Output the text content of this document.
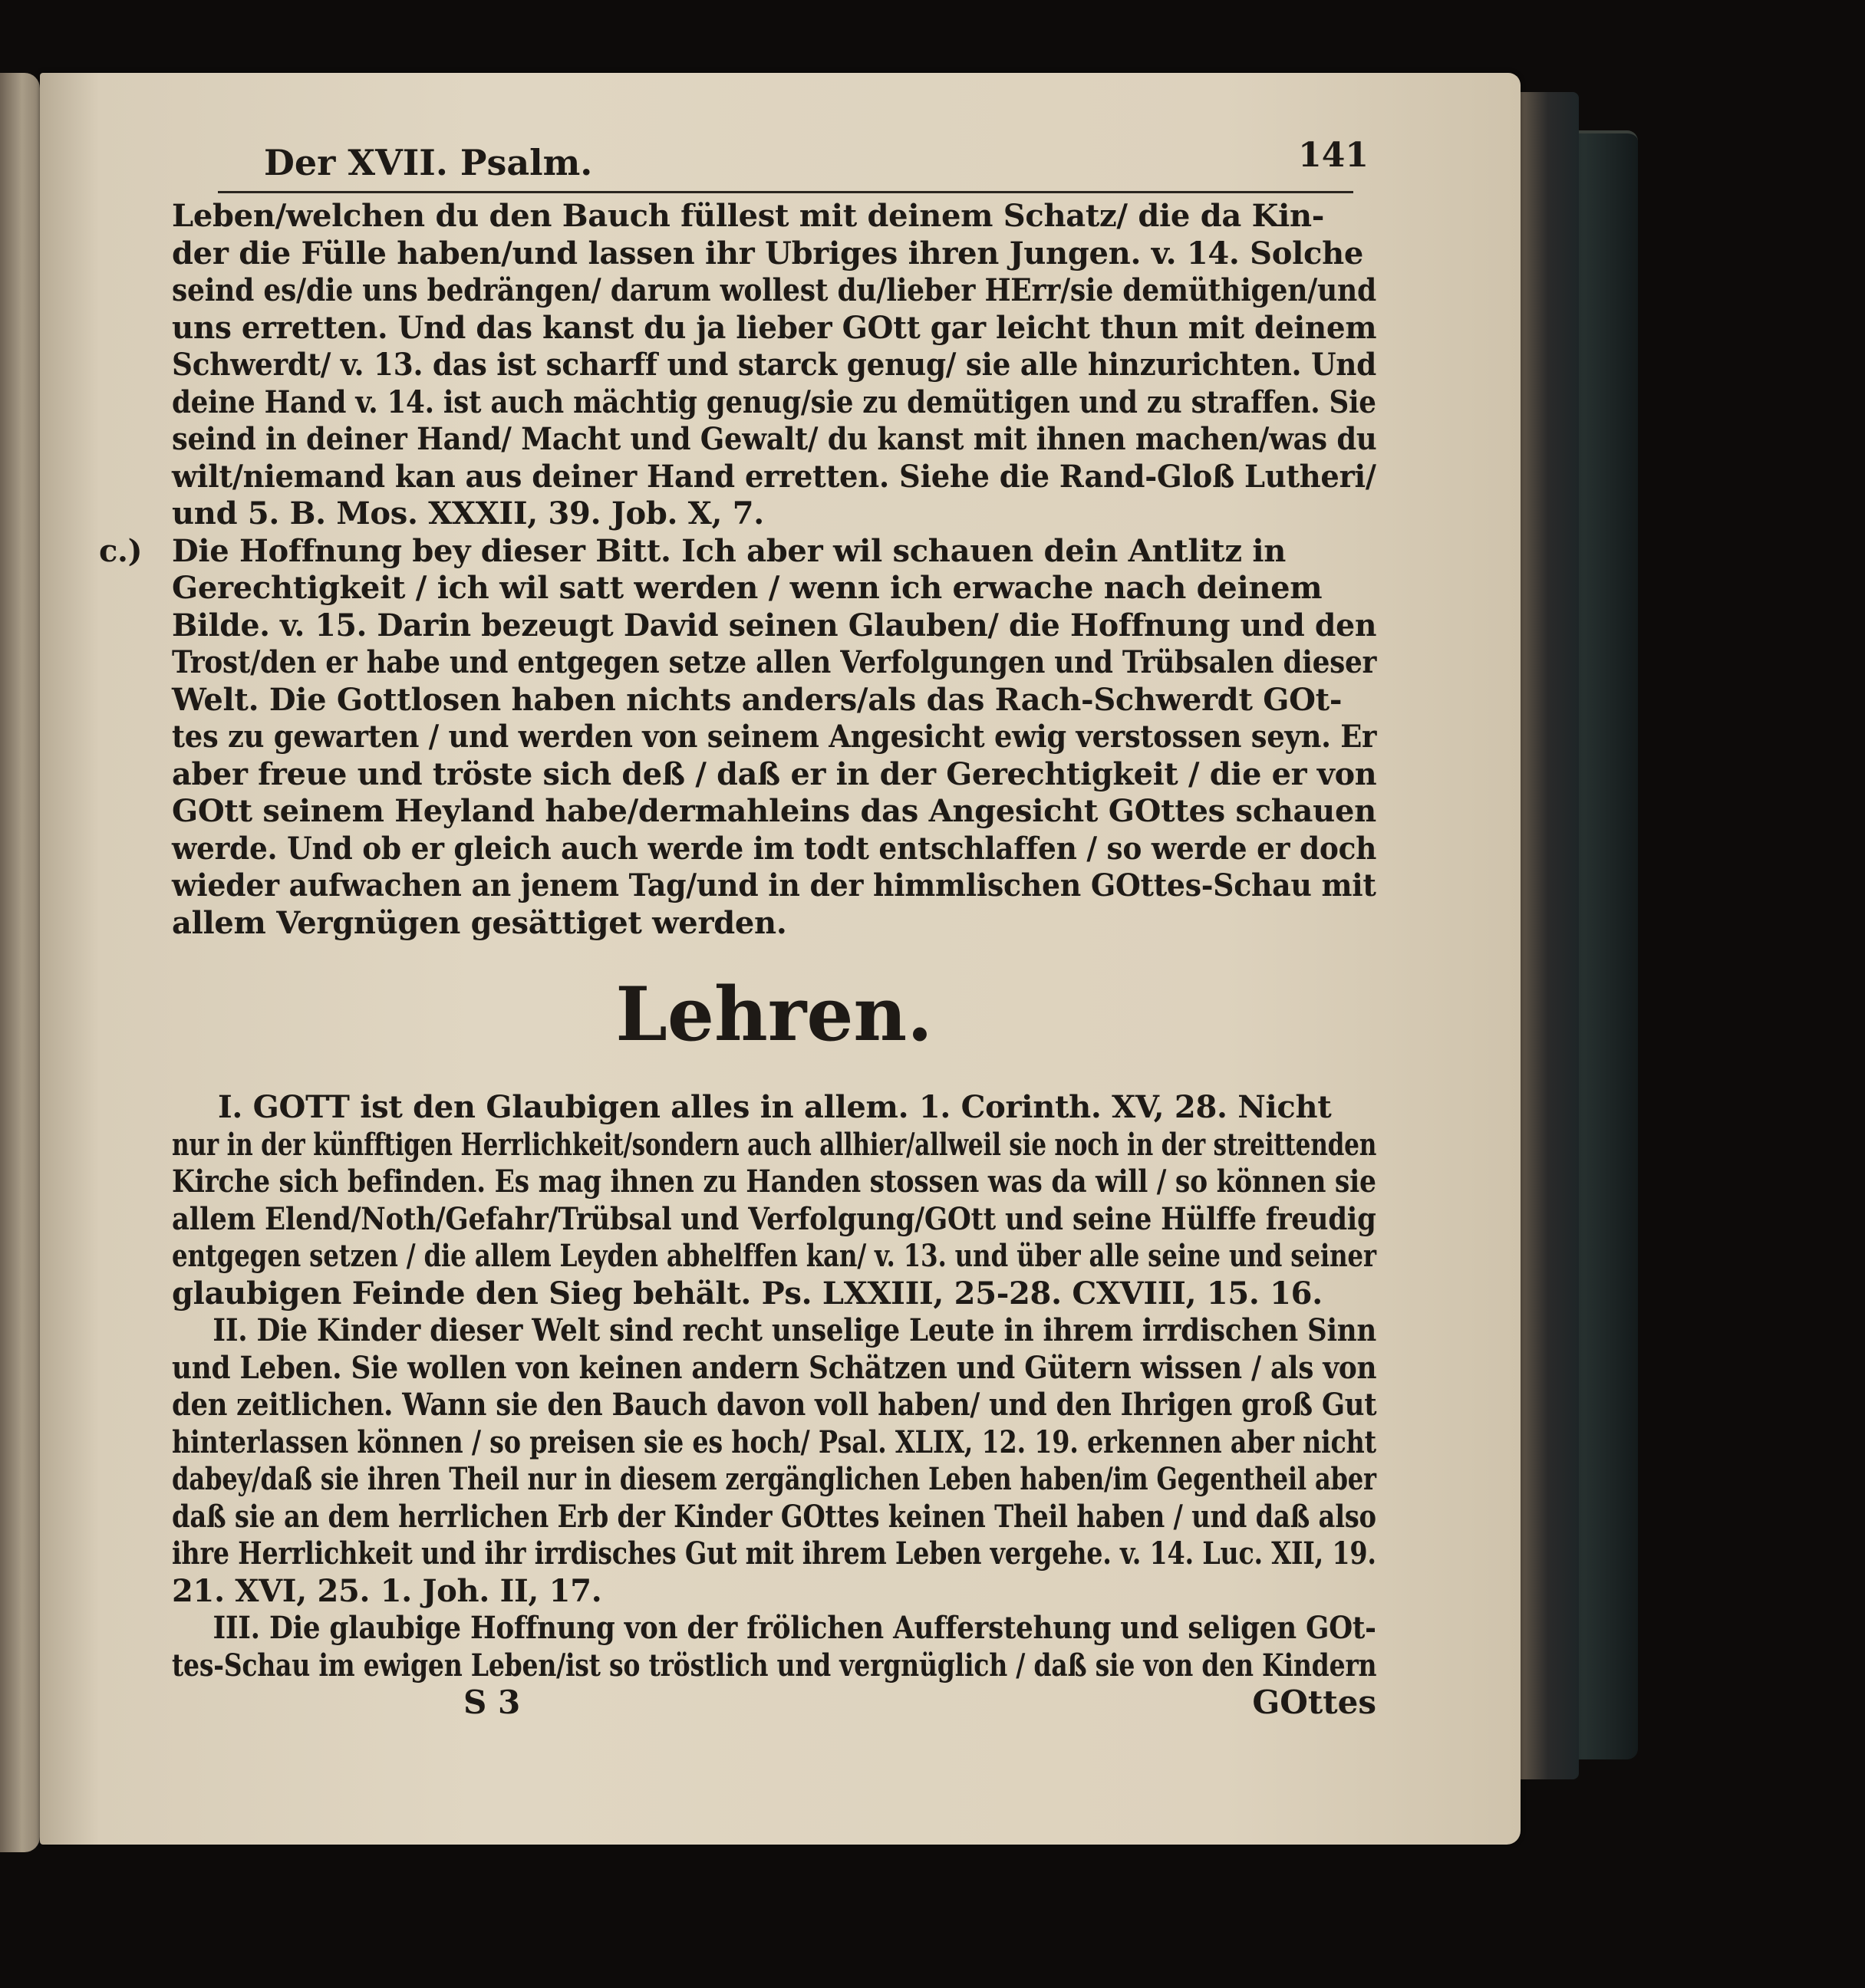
Der XVII. Psalm.	141
Leben/welchen du den Bauch füllest mit deinem Schatz/ die da Kin-
der die Fülle haben/und lassen ihr Ubriges ihren Jungen. v. 14. Solche
seind es/die uns bedrängen/ darum wollest du/lieber HErr/sie demüthigen/und
uns erretten. Und das kanst du ja lieber GOtt gar leicht thun mit deinem
Schwerdt/ v. 13. das ist scharff und starck genug/ sie alle hinzurichten. Und
deine Hand v. 14. ist auch mächtig genug/sie zu demütigen und zu straffen. Sie
seind in deiner Hand/ Macht und Gewalt/ du kanst mit ihnen machen/was du
wilt/niemand kan aus deiner Hand erretten. Siehe die Rand-Gloß Lutheri/
und 5. B. Mos. XXXII, 39. Job. X, 7.
c.) Die Hoffnung bey dieser Bitt. Ich aber wil schauen dein Antlitz in
Gerechtigkeit / ich wil satt werden / wenn ich erwache nach deinem
Bilde. v. 15. Darin bezeugt David seinen Glauben/ die Hoffnung und den
Trost/den er habe und entgegen setze allen Verfolgungen und Trübsalen dieser
Welt. Die Gottlosen haben nichts anders/als das Rach-Schwerdt GOt-
tes zu gewarten / und werden von seinem Angesicht ewig verstossen seyn. Er
aber freue und tröste sich deß / daß er in der Gerechtigkeit / die er von
GOtt seinem Heyland habe/dermahleins das Angesicht GOttes schauen
werde. Und ob er gleich auch werde im todt entschlaffen / so werde er doch
wieder aufwachen an jenem Tag/und in der himmlischen GOttes-Schau mit
allem Vergnügen gesättiget werden.
Lehren.
I. GOTT ist den Glaubigen alles in allem. 1. Corinth. XV, 28. Nicht
nur in der künfftigen Herrlichkeit/sondern auch allhier/allweil sie noch in der streittenden
Kirche sich befinden. Es mag ihnen zu Handen stossen was da will / so können sie
allem Elend/Noth/Gefahr/Trübsal und Verfolgung/GOtt und seine Hülffe freudig
entgegen setzen / die allem Leyden abhelffen kan/ v. 13. und über alle seine und seiner
glaubigen Feinde den Sieg behält. Ps. LXXIII, 25-28. CXVIII, 15. 16.
II. Die Kinder dieser Welt sind recht unselige Leute in ihrem irrdischen Sinn
und Leben. Sie wollen von keinen andern Schätzen und Gütern wissen / als von
den zeitlichen. Wann sie den Bauch davon voll haben/ und den Ihrigen groß Gut
hinterlassen können / so preisen sie es hoch/ Psal. XLIX, 12. 19. erkennen aber nicht
dabey/daß sie ihren Theil nur in diesem zergänglichen Leben haben/im Gegentheil aber
daß sie an dem herrlichen Erb der Kinder GOttes keinen Theil haben / und daß also
ihre Herrlichkeit und ihr irrdisches Gut mit ihrem Leben vergehe. v. 14. Luc. XII, 19.
21. XVI, 25. 1. Joh. II, 17.
III. Die glaubige Hoffnung von der frölichen Aufferstehung und seligen GOt-
tes-Schau im ewigen Leben/ist so tröstlich und vergnüglich / daß sie von den Kindern
S 3	GOttes
